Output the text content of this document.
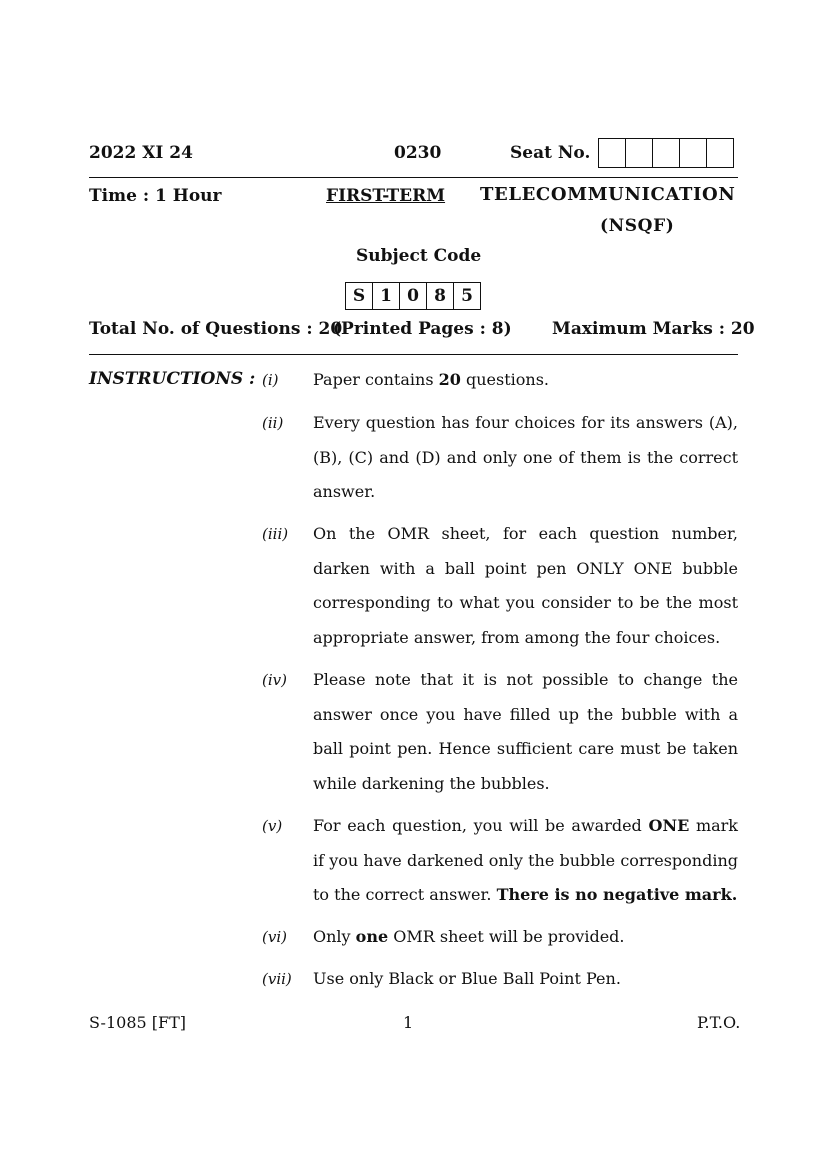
2022 XI 24	0230	Seat No.
Time : 1 Hour	FIRST-TERM TELECOMMUNICATION
(NSQF)
Subject Code
S 1 0 8 5
Total No. of Questions : 20
(Printed Pages : 8) Maximum Marks : 20
INSTRUCTIONS : (i) Paper contains 20 questions.
(ii) Every question has four choices for its answers (A), (B), (C) and (D) and only one of them is the correct answer.
(iii) On the OMR sheet, for each question number, darken with a ball point pen ONLY ONE bubble corresponding to what you consider to be the most appropriate answer, from among the four choices.
(iv) Please note that it is not possible to change the answer once you have filled up the bubble with a ball point pen. Hence sufficient care must be taken while darkening the bubbles.
(v) For each question, you will be awarded ONE mark if you have darkened only the bubble corresponding to the correct answer. There is no negative mark.
(vi) Only one OMR sheet will be provided.
(vii) Use only Black or Blue Ball Point Pen.
S-1085 [FT]	1	P.T.O.
